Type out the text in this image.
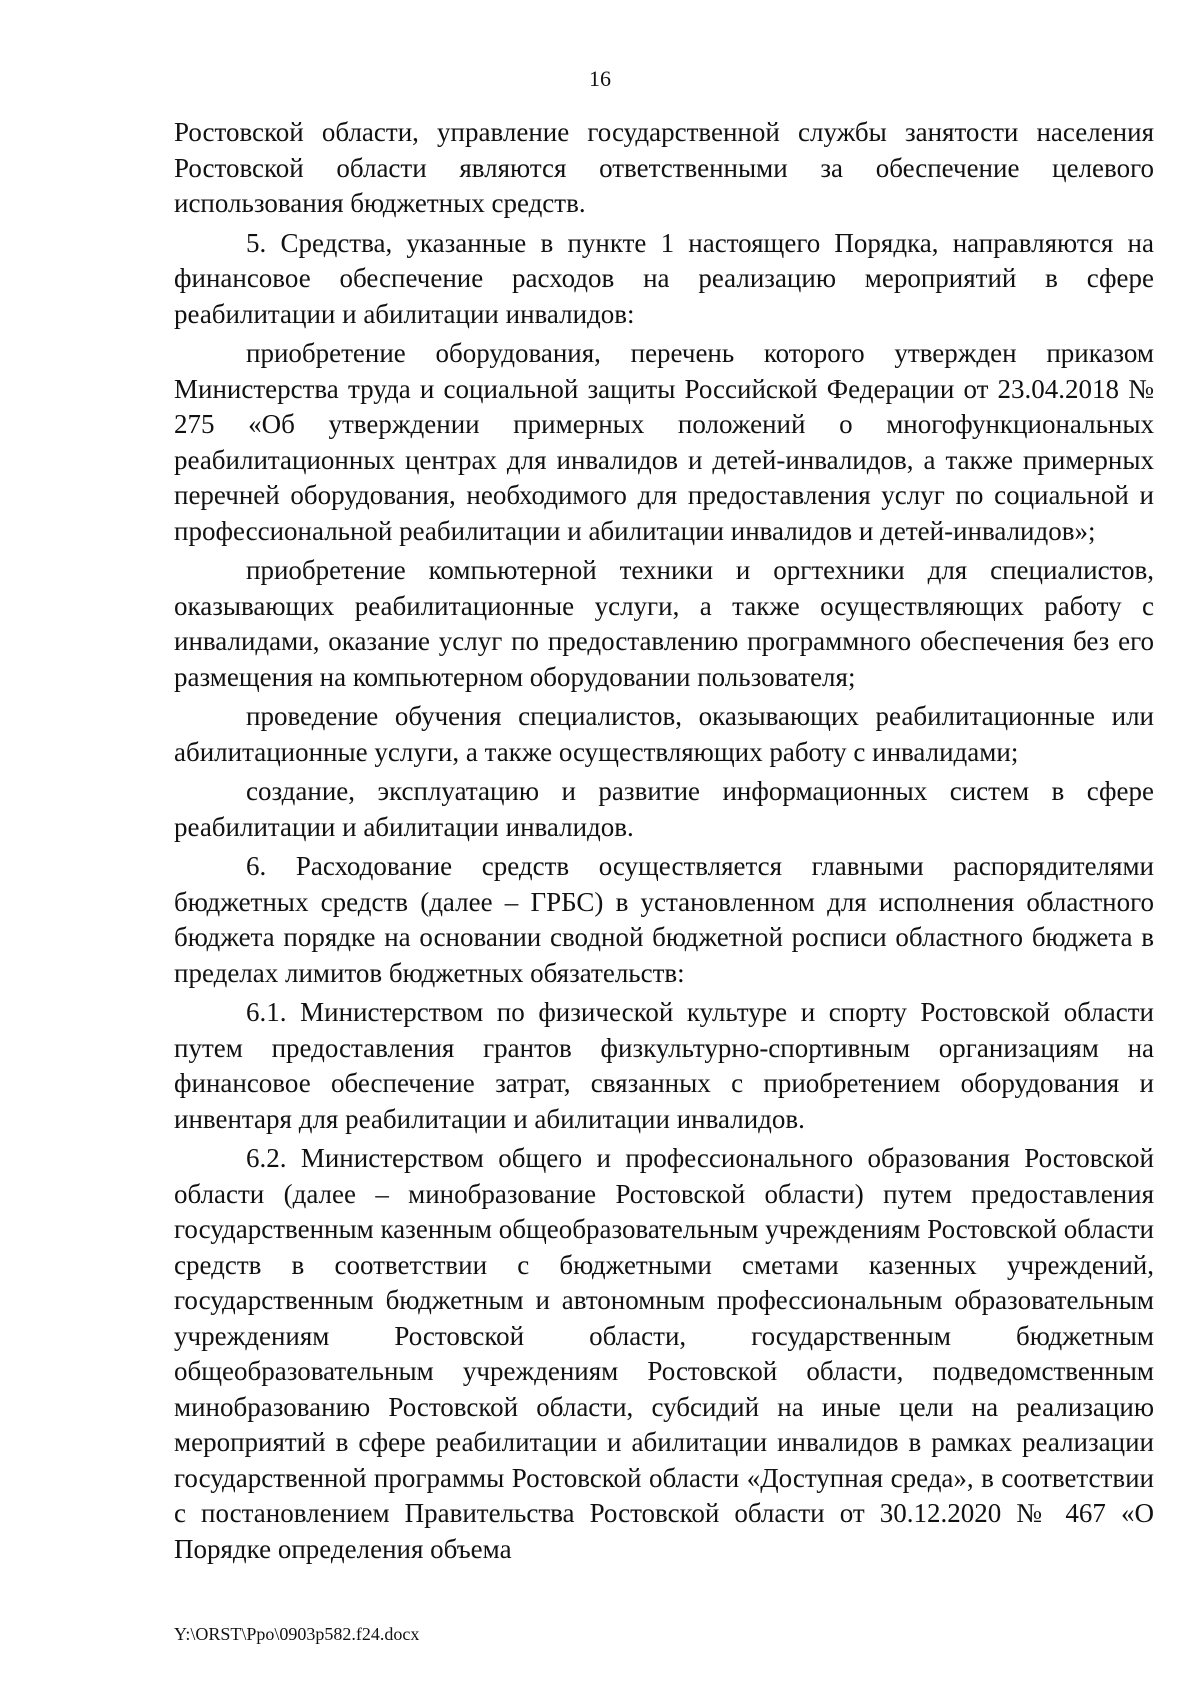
16

Ростовской области, управление государственной службы занятости населения Ростовской области являются ответственными за обеспечение целевого использования бюджетных средств.

5. Средства, указанные в пункте 1 настоящего Порядка, направляются на финансовое обеспечение расходов на реализацию мероприятий в сфере реабилитации и абилитации инвалидов:

приобретение оборудования, перечень которого утвержден приказом Министерства труда и социальной защиты Российской Федерации от 23.04.2018 № 275 «Об утверждении примерных положений о многофункциональных реабилитационных центрах для инвалидов и детей-инвалидов, а также примерных перечней оборудования, необходимого для предоставления услуг по социальной и профессиональной реабилитации и абилитации инвалидов и детей-инвалидов»;

приобретение компьютерной техники и оргтехники для специалистов, оказывающих реабилитационные услуги, а также осуществляющих работу с инвалидами, оказание услуг по предоставлению программного обеспечения без его размещения на компьютерном оборудовании пользователя;

проведение обучения специалистов, оказывающих реабилитационные или абилитационные услуги, а также осуществляющих работу с инвалидами;

создание, эксплуатацию и развитие информационных систем в сфере реабилитации и абилитации инвалидов.

6. Расходование средств осуществляется главными распорядителями бюджетных средств (далее – ГРБС) в установленном для исполнения областного бюджета порядке на основании сводной бюджетной росписи областного бюджета в пределах лимитов бюджетных обязательств:

6.1. Министерством по физической культуре и спорту Ростовской области путем предоставления грантов физкультурно-спортивным организациям на финансовое обеспечение затрат, связанных с приобретением оборудования и инвентаря для реабилитации и абилитации инвалидов.

6.2. Министерством общего и профессионального образования Ростовской области (далее – минобразование Ростовской области) путем предоставления государственным казенным общеобразовательным учреждениям Ростовской области средств в соответствии с бюджетными сметами казенных учреждений, государственным бюджетным и автономным профессиональным образовательным учреждениям Ростовской области, государственным бюджетным общеобразовательным учреждениям Ростовской области, подведомственным минобразованию Ростовской области, субсидий на иные цели на реализацию мероприятий в сфере реабилитации и абилитации инвалидов в рамках реализации государственной программы Ростовской области «Доступная среда», в соответствии с постановлением Правительства Ростовской области от 30.12.2020 № 467 «О Порядке определения объема

Y:\ORST\Ppo\0903p582.f24.docx
